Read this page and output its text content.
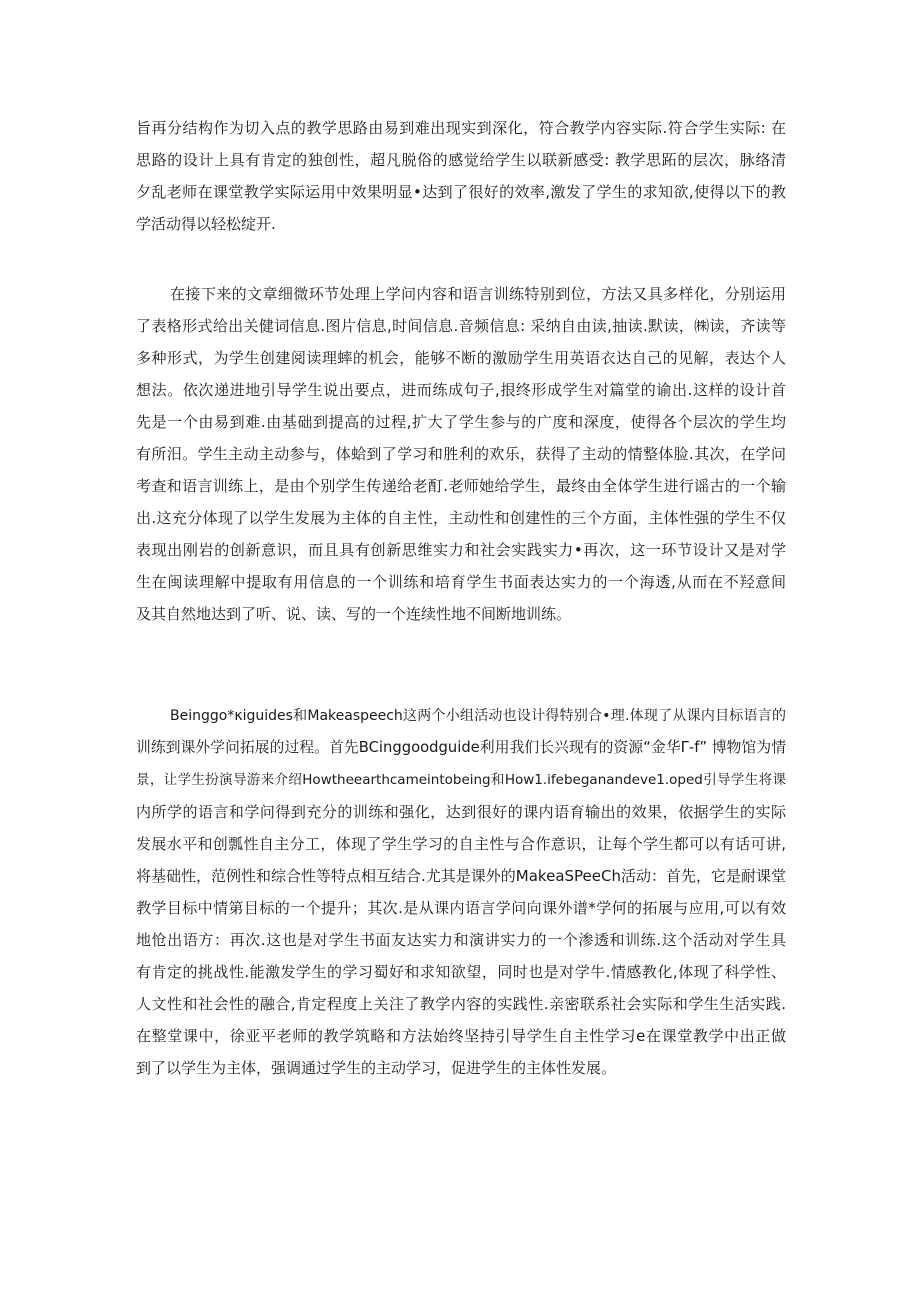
旨再分结构作为切入点的教学思路由易到难出现实到深化，符合教学内容实际.符合学生实际: 在
思路的设计上具有肯定的独创性，超凡脱俗的感觉给学生以联新感受: 教学思跖的层次，脉络清
夕乱老师在课堂教学实际运用中效果明显•达到了很好的效率,激发了学生的求知欲,使得以下的教
学活动得以轻松绽开.
在接下来的文章细微环节处理上学问内容和语言训练特别到位，方法又具多样化，分别运用
了表格形式给出关健词信息.图片信息,时间信息.音频信息: 采纳自由读,抽读.默读，㈱读，齐读等
多种形式，为学生创建阅读理蟀的机会，能够不断的激励学生用英语衣达自己的见解，表达个人
想法。依次递进地引导学生说出要点，进而练成句子,拫终形成学生对篇堂的谕出.这样的设计首
先是一个由易到难.由基础到提高的过程,扩大了学生参与的广度和深度，使得各个层次的学生均
有所汨。学生主动主动参与，体蛤到了学习和胜利的欢乐，获得了主动的情整体脸.其次，在学问
考查和语言训练上，是由个别学生传递给老酊.老师她给学生，最终由全体学生进行谣古的一个输
出.这充分体现了以学生发展为主体的自主性，主动性和创建性的三个方面，主体性强的学生不仅
表现出刚岩的创新意识，而且具有创新思维实力和社会实践实力•再次，这一环节设计又是对学
生在闽读理解中提取有用信息的一个训练和培育学生书面表达实力的一个海透,从而在不羟意间
及其自然地达到了听、说、读、写的一个连续性地不间断地训练。
Beinggo*κiguides和Makeaspeech这两个小组活动也设计得特别合•理.体现了从课内目标语言的
训练到课外学问拓展的过程。首先BCinggoodguide利用我们长兴现有的资源“金华Γ-f” 博物馆为情
景，让学生扮演导游来介绍Howtheearthcameintobeing和How1.ifebeganandeve1.oped引导学生将课
内所学的语言和学问得到充分的训练和强化，达到很好的课内语育输出的效果，依据学生的实际
发展水平和创瓢性自主分工，体现了学生学习的自主性与合作意识，让每个学生都可以有话可讲,
将基础性，范例性和综合性等特点相互结合.尤其是课外的MakeaSPeeCh活动：首先，它是耐课堂
教学目标中情第目标的一个提升；其次.是从课内语言学问向课外谱*学何的拓展与应用,可以有效
地怆出语方：再次.这也是对学生书面友达实力和演讲实力的一个渗透和训练.这个活动对学生具
有肯定的挑战性.能激发学生的学习蜀好和求知欲望，同时也是对学牛.情感教化,体现了科学性、
人文性和社会性的融合,肯定程度上关注了教学内容的实践性.亲密联系社会实际和学生生活实践.
在整堂课中，徐亚平老师的教学筑略和方法始终坚持引导学生自主性学习e在课堂教学中出正做
到了以学生为主体，强调通过学生的主动学习，促进学生的主体性发展。
